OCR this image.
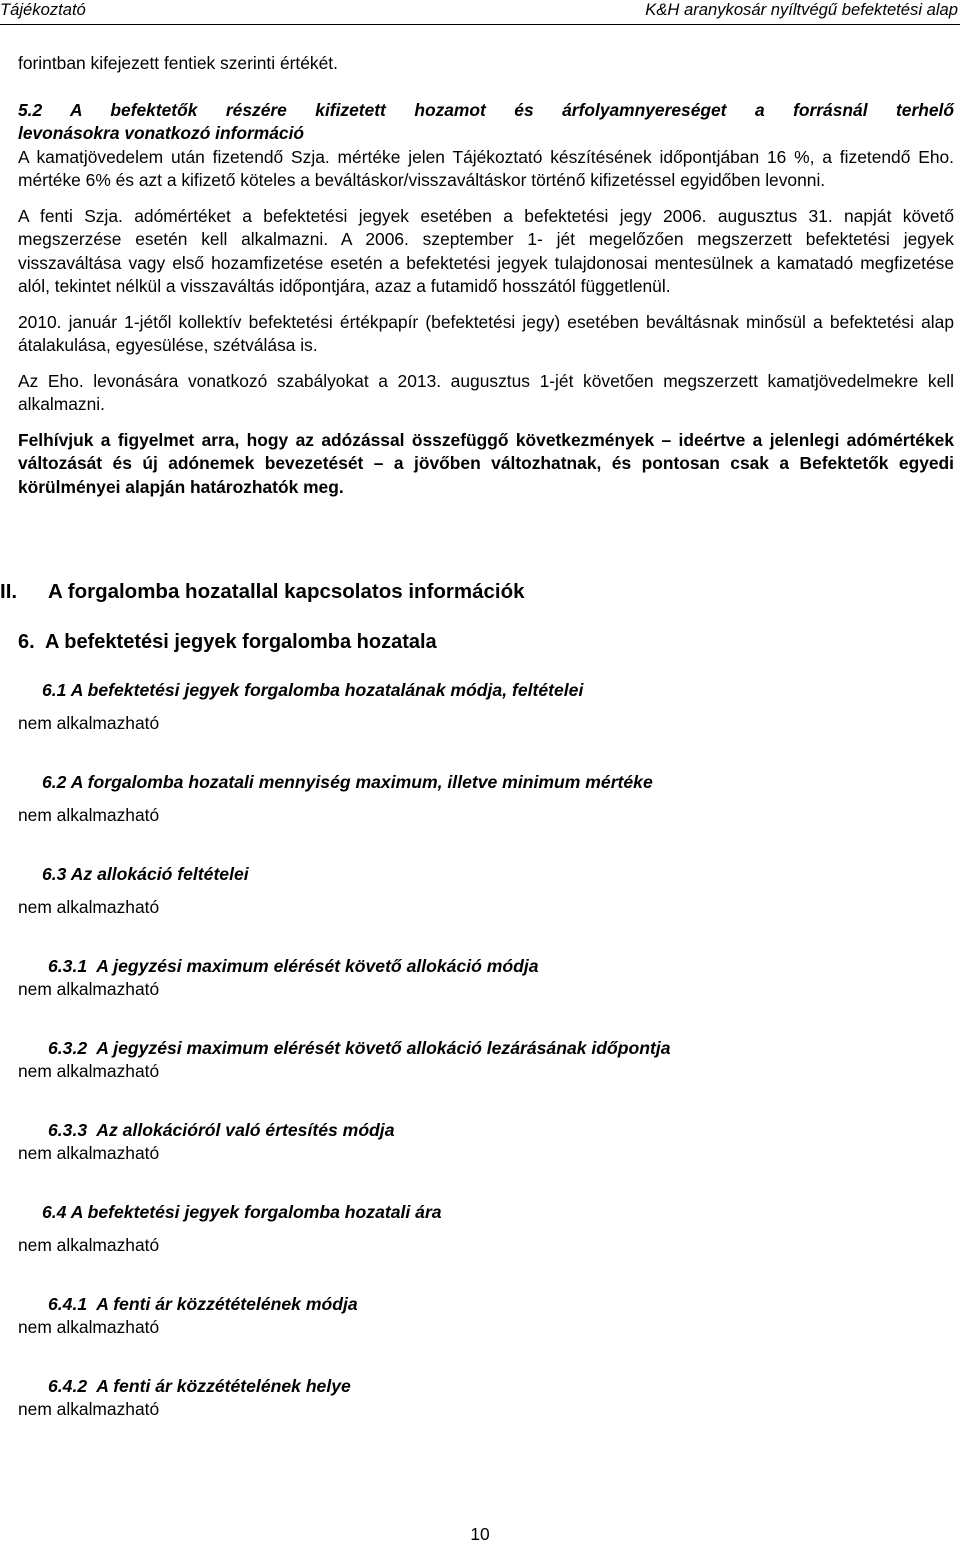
Tájékoztató	K&H aranykosár nyíltvégű befektetési alap

forintban kifejezett fentiek szerinti értékét.

5.2 A befektetők részére kifizetett hozamot és árfolyamnyereséget a forrásnál terhelő

levonásokra vonatkozó információ

A kamatjövedelem után fizetendő Szja. mértéke jelen Tájékoztató készítésének időpontjában 16 %, a fizetendő Eho. mértéke 6% és azt a kifizető köteles a beváltáskor/visszaváltáskor történő kifizetéssel egyidőben levonni.

A fenti Szja. adómértéket a befektetési jegyek esetében a befektetési jegy 2006. augusztus 31. napját követő megszerzése esetén kell alkalmazni. A 2006. szeptember 1- jét megelőzően megszerzett befektetési jegyek visszaváltása vagy első hozamfizetése esetén a befektetési jegyek tulajdonosai mentesülnek a kamatadó megfizetése alól, tekintet nélkül a visszaváltás időpontjára, azaz a futamidő hosszától függetlenül.

2010. január 1-jétől kollektív befektetési értékpapír (befektetési jegy) esetében beváltásnak minősül a befektetési alap átalakulása, egyesülése, szétválása is.

Az Eho. levonására vonatkozó szabályokat a 2013. augusztus 1-jét követően megszerzett kamatjövedelmekre kell alkalmazni.

Felhívjuk a figyelmet arra, hogy az adózással összefüggő következmények – ideértve a jelenlegi adómértékek változását és új adónemek bevezetését – a jövőben változhatnak, és pontosan csak a Befektetők egyedi körülményei alapján határozhatók meg.

II. A forgalomba hozatallal kapcsolatos információk
6.  A befektetési jegyek forgalomba hozatala
6.1 A befektetési jegyek forgalomba hozatalának módja, feltételei
nem alkalmazható
6.2 A forgalomba hozatali mennyiség maximum, illetve minimum mértéke
nem alkalmazható
6.3 Az allokáció feltételei
nem alkalmazható
6.3.1  A jegyzési maximum elérését követő allokáció módja
nem alkalmazható
6.3.2  A jegyzési maximum elérését követő allokáció lezárásának időpontja
nem alkalmazható
6.3.3  Az allokációról való értesítés módja
nem alkalmazható
6.4 A befektetési jegyek forgalomba hozatali ára
nem alkalmazható
6.4.1  A fenti ár közzétételének módja
nem alkalmazható
6.4.2  A fenti ár közzétételének helye
nem alkalmazható
10
